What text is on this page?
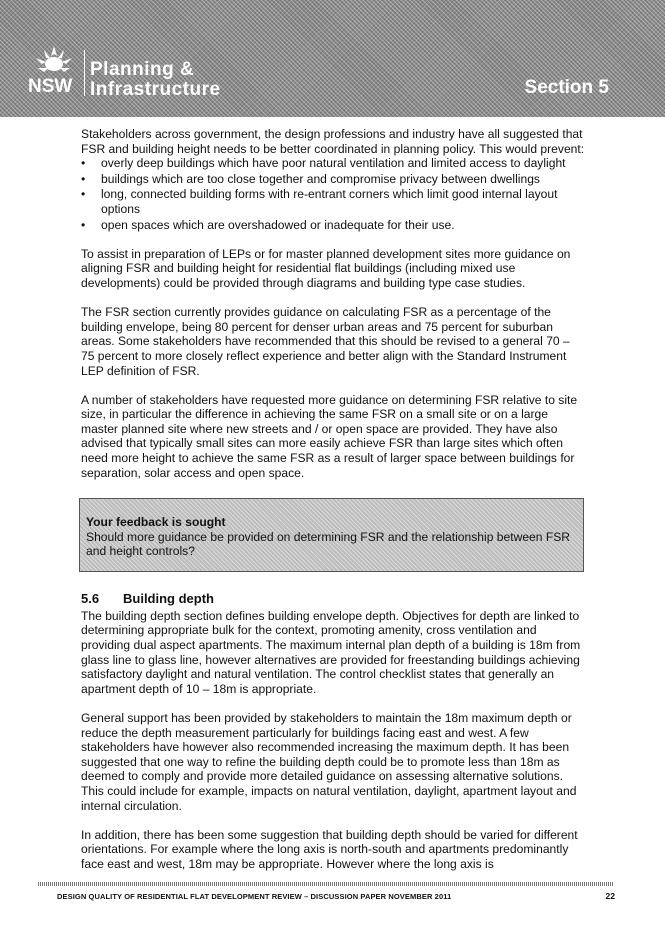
NSW
Planning &
Infrastructure	Section 5

Stakeholders across government, the design professions and industry have all suggested that FSR and building height needs to be better coordinated in planning policy. This would prevent:

• overly deep buildings which have poor natural ventilation and limited access to daylight
• buildings which are too close together and compromise privacy between dwellings
• long, connected building forms with re-entrant corners which limit good internal layout options
• open spaces which are overshadowed or inadequate for their use.

To assist in preparation of LEPs or for master planned development sites more guidance on aligning FSR and building height for residential flat buildings (including mixed use developments) could be provided through diagrams and building type case studies.

The FSR section currently provides guidance on calculating FSR as a percentage of the building envelope, being 80 percent for denser urban areas and 75 percent for suburban areas. Some stakeholders have recommended that this should be revised to a general 70 – 75 percent to more closely reflect experience and better align with the Standard Instrument LEP definition of FSR.

A number of stakeholders have requested more guidance on determining FSR relative to site size, in particular the difference in achieving the same FSR on a small site or on a large master planned site where new streets and / or open space are provided. They have also advised that typically small sites can more easily achieve FSR than large sites which often need more height to achieve the same FSR as a result of larger space between buildings for separation, solar access and open space.

Your feedback is sought
Should more guidance be provided on determining FSR and the relationship between FSR and height controls?
5.6 Building depth

The building depth section defines building envelope depth. Objectives for depth are linked to determining appropriate bulk for the context, promoting amenity, cross ventilation and providing dual aspect apartments. The maximum internal plan depth of a building is 18m from glass line to glass line, however alternatives are provided for freestanding buildings achieving satisfactory daylight and natural ventilation. The control checklist states that generally an apartment depth of 10 – 18m is appropriate.

General support has been provided by stakeholders to maintain the 18m maximum depth or reduce the depth measurement particularly for buildings facing east and west. A few stakeholders have however also recommended increasing the maximum depth. It has been suggested that one way to refine the building depth could be to promote less than 18m as deemed to comply and provide more detailed guidance on assessing alternative solutions. This could include for example, impacts on natural ventilation, daylight, apartment layout and internal circulation.

In addition, there has been some suggestion that building depth should be varied for different orientations. For example where the long axis is north-south and apartments predominantly face east and west, 18m may be appropriate. However where the long axis is

DESIGN QUALITY OF RESIDENTIAL FLAT DEVELOPMENT REVIEW – DISCUSSION PAPER NOVEMBER 2011	22
